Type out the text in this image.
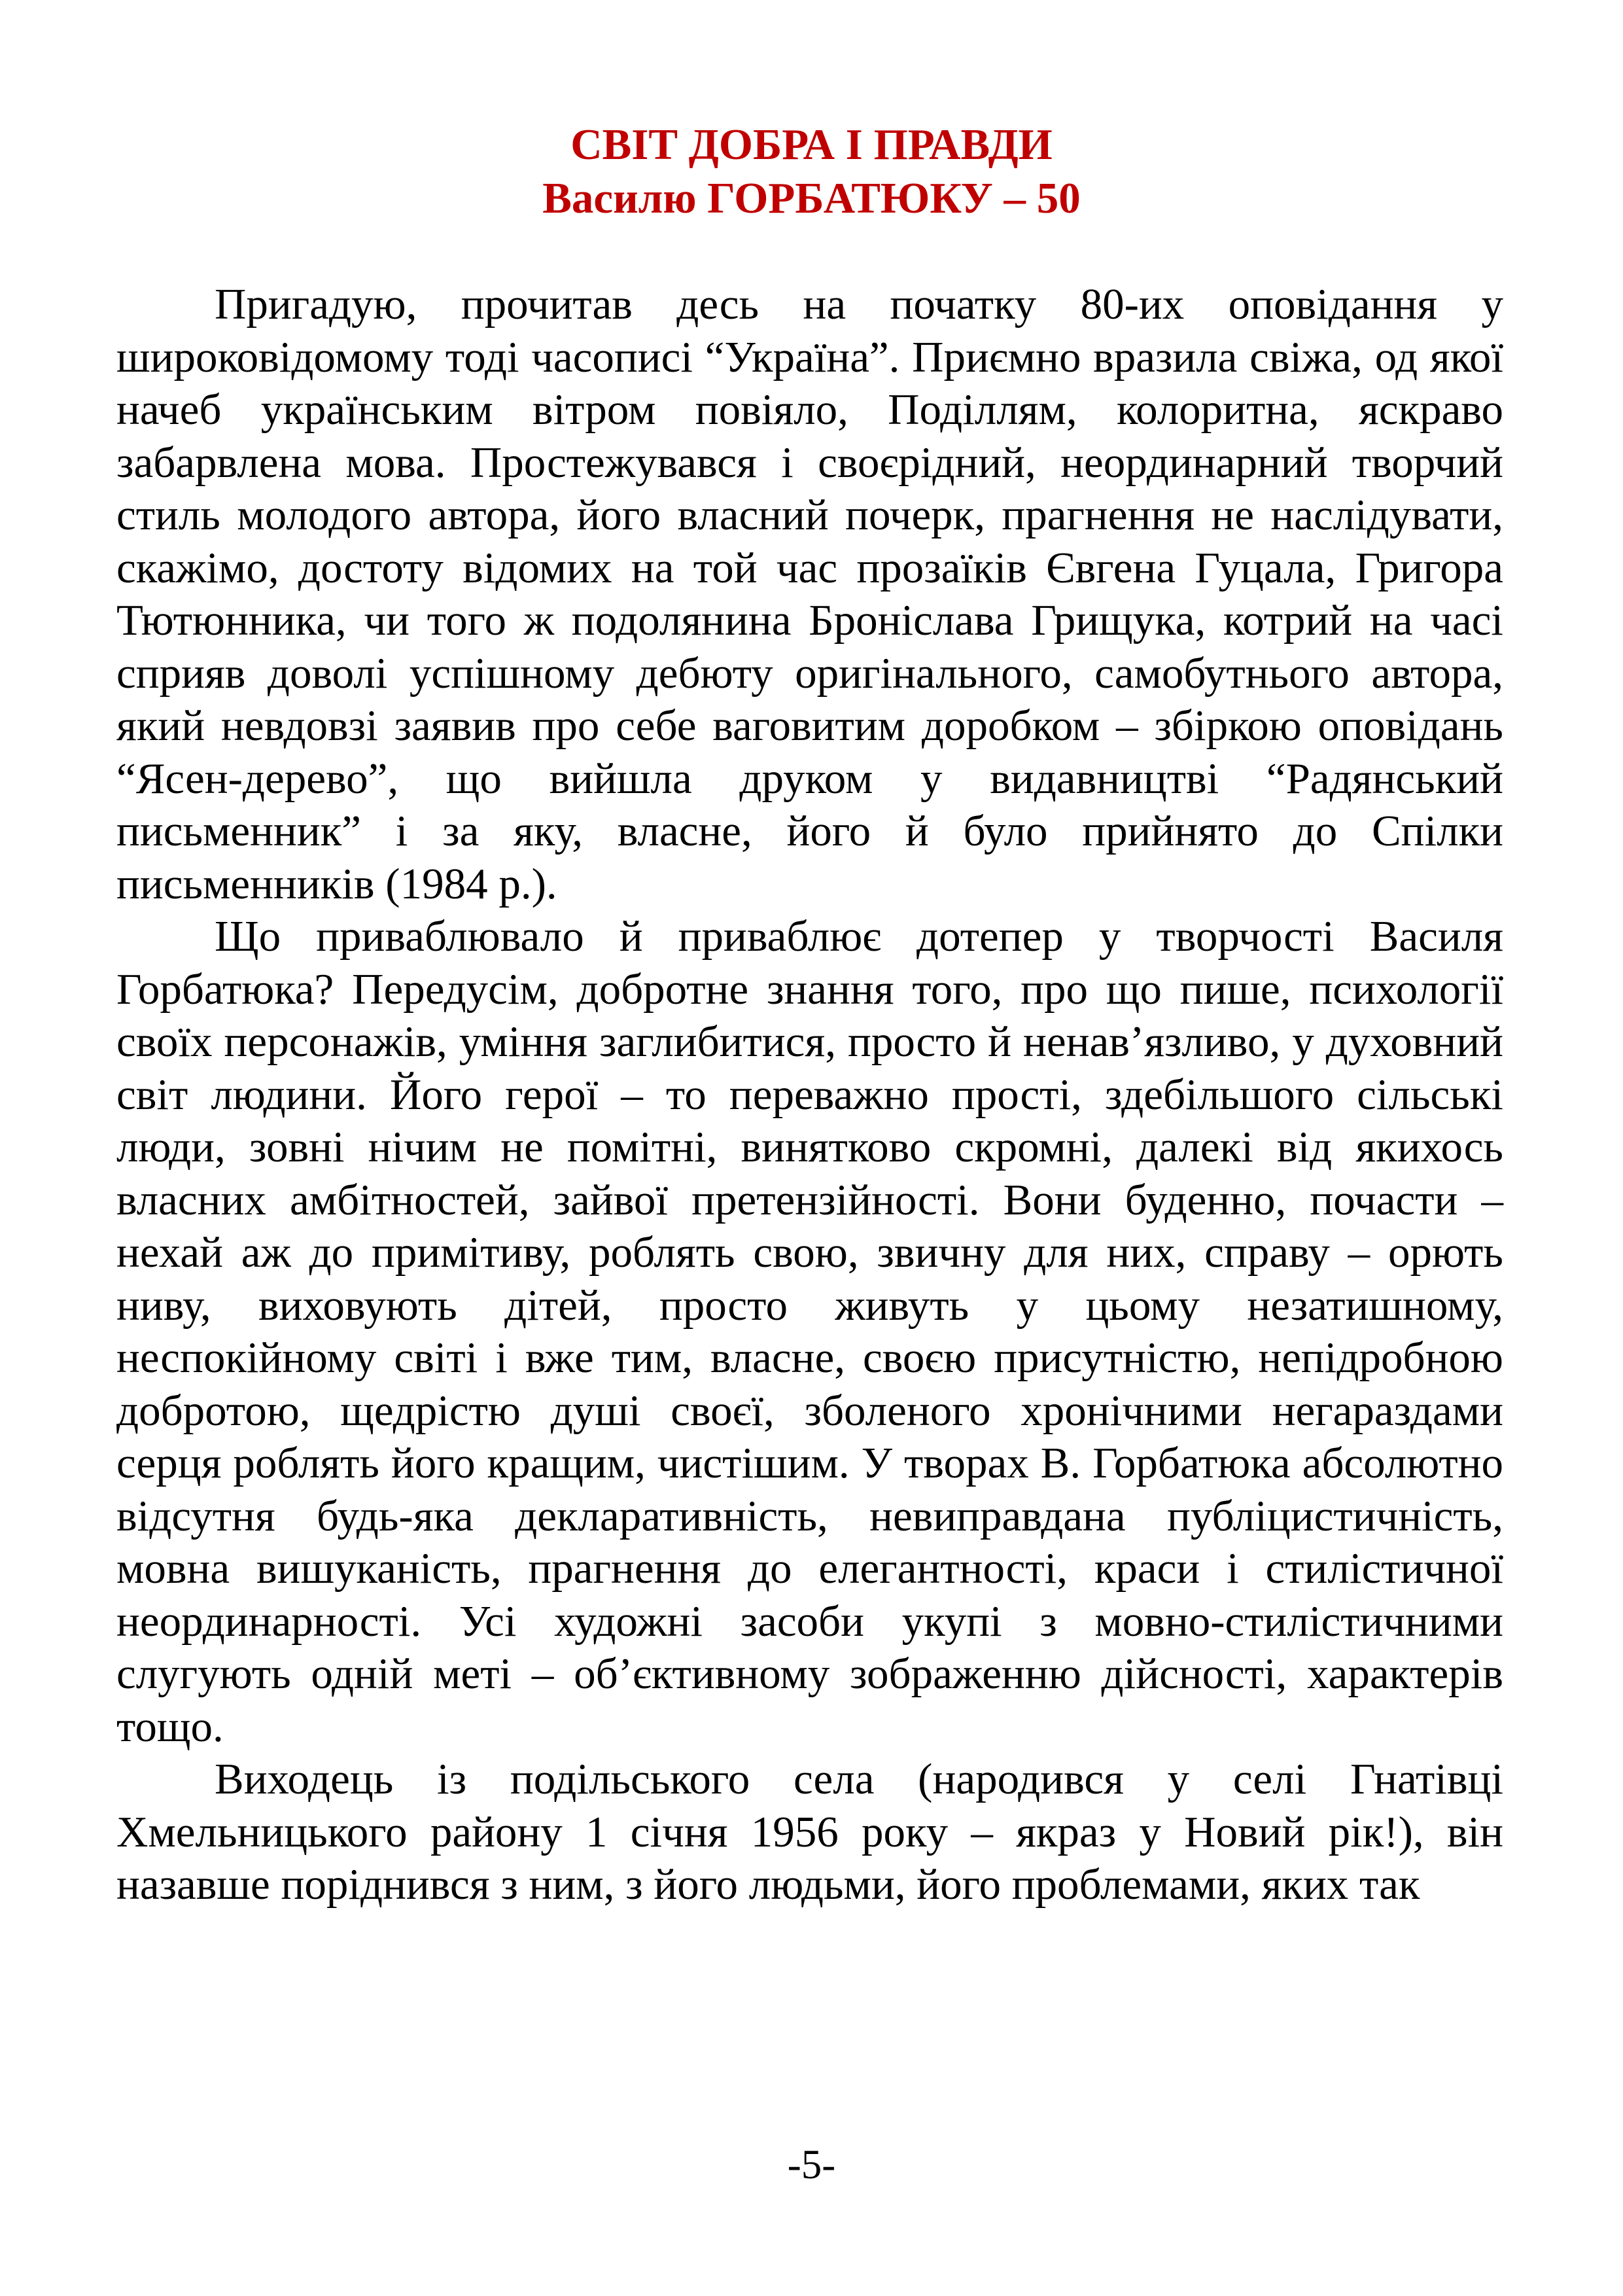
СВІТ ДОБРА І ПРАВДИ
Василю ГОРБАТЮКУ – 50

Пригадую, прочитав десь на початку 80-их оповідання у широковідомому тоді часописі “Україна”. Приємно вразила свіжа, од якої начеб українським вітром повіяло, Поділлям, колоритна, яскраво забарвлена мова. Простежувався і своєрідний, неординарний творчий стиль молодого автора, його власний почерк, прагнення не наслідувати, скажімо, достоту відомих на той час прозаїків Євгена Гуцала, Григора Тютюнника, чи того ж подолянина Броніслава Грищука, котрий на часі сприяв доволі успішному дебюту оригінального, самобутнього автора, який невдовзі заявив про себе ваговитим доробком – збіркою оповідань “Ясен-дерево”, що вийшла друком у видавництві “Радянський письменник” і за яку, власне, його й було прийнято до Спілки письменників (1984 р.).

Що приваблювало й приваблює дотепер у творчості Василя Горбатюка? Передусім, добротне знання того, про що пише, психології своїх персонажів, уміння заглибитися, просто й ненав’язливо, у духовний світ людини. Його герої – то переважно прості, здебільшого сільські люди, зовні нічим не помітні, винятково скромні, далекі від якихось власних амбітностей, зайвої претензійності. Вони буденно, почасти – нехай аж до примітиву, роблять свою, звичну для них, справу – орють ниву, виховують дітей, просто живуть у цьому незатишному, неспокійному світі і вже тим, власне, своєю присутністю, непідробною добротою, щедрістю душі своєї, зболеного хронічними негараздами серця роблять його кращим, чистішим. У творах В. Горбатюка абсолютно відсутня будь-яка декларативність, невиправдана публіцистичність, мовна вишуканість, прагнення до елегантності, краси і стилістичної неординарності. Усі художні засоби укупі з мовно-стилістичними слугують одній меті – об’єктивному зображенню дійсності, характерів тощо.

Виходець із подільського села (народився у селі Гнатівці Хмельницького району 1 січня 1956 року – якраз у Новий рік!), він назавше поріднився з ним, з його людьми, його проблемами, яких так

-5-
